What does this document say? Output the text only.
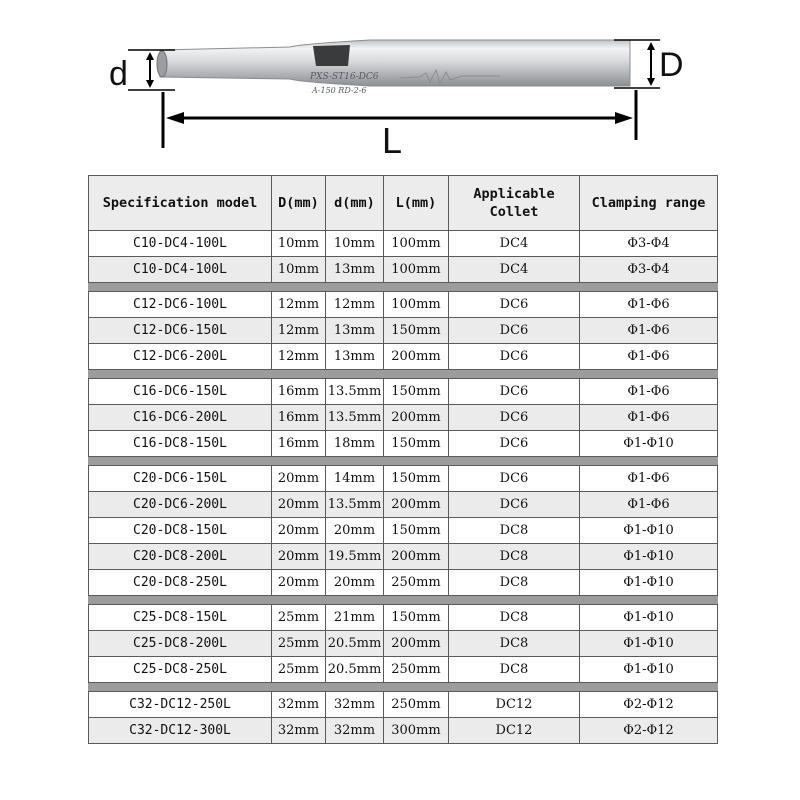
PXS-ST16-DC6
A-150 RD-2-6
d	D
L
Specification model	D(mm)	d(mm)	L(mm)	Applicable Collet	Clamping range
C10-DC4-100L	10mm	10mm	100mm	DC4	Φ3-Φ4
C10-DC4-100L	10mm	13mm	100mm	DC4	Φ3-Φ4

C12-DC6-100L	12mm	12mm	100mm	DC6	Φ1-Φ6
C12-DC6-150L	12mm	13mm	150mm	DC6	Φ1-Φ6
C12-DC6-200L	12mm	13mm	200mm	DC6	Φ1-Φ6

C16-DC6-150L	16mm	13.5mm	150mm	DC6	Φ1-Φ6
C16-DC6-200L	16mm	13.5mm	200mm	DC6	Φ1-Φ6
C16-DC8-150L	16mm	18mm	150mm	DC6	Φ1-Φ10

C20-DC6-150L	20mm	14mm	150mm	DC6	Φ1-Φ6
C20-DC6-200L	20mm	13.5mm	200mm	DC6	Φ1-Φ6
C20-DC8-150L	20mm	20mm	150mm	DC8	Φ1-Φ10
C20-DC8-200L	20mm	19.5mm	200mm	DC8	Φ1-Φ10
C20-DC8-250L	20mm	20mm	250mm	DC8	Φ1-Φ10

C25-DC8-150L	25mm	21mm	150mm	DC8	Φ1-Φ10
C25-DC8-200L	25mm	20.5mm	200mm	DC8	Φ1-Φ10
C25-DC8-250L	25mm	20.5mm	250mm	DC8	Φ1-Φ10

C32-DC12-250L	32mm	32mm	250mm	DC12	Φ2-Φ12
C32-DC12-300L	32mm	32mm	300mm	DC12	Φ2-Φ12
